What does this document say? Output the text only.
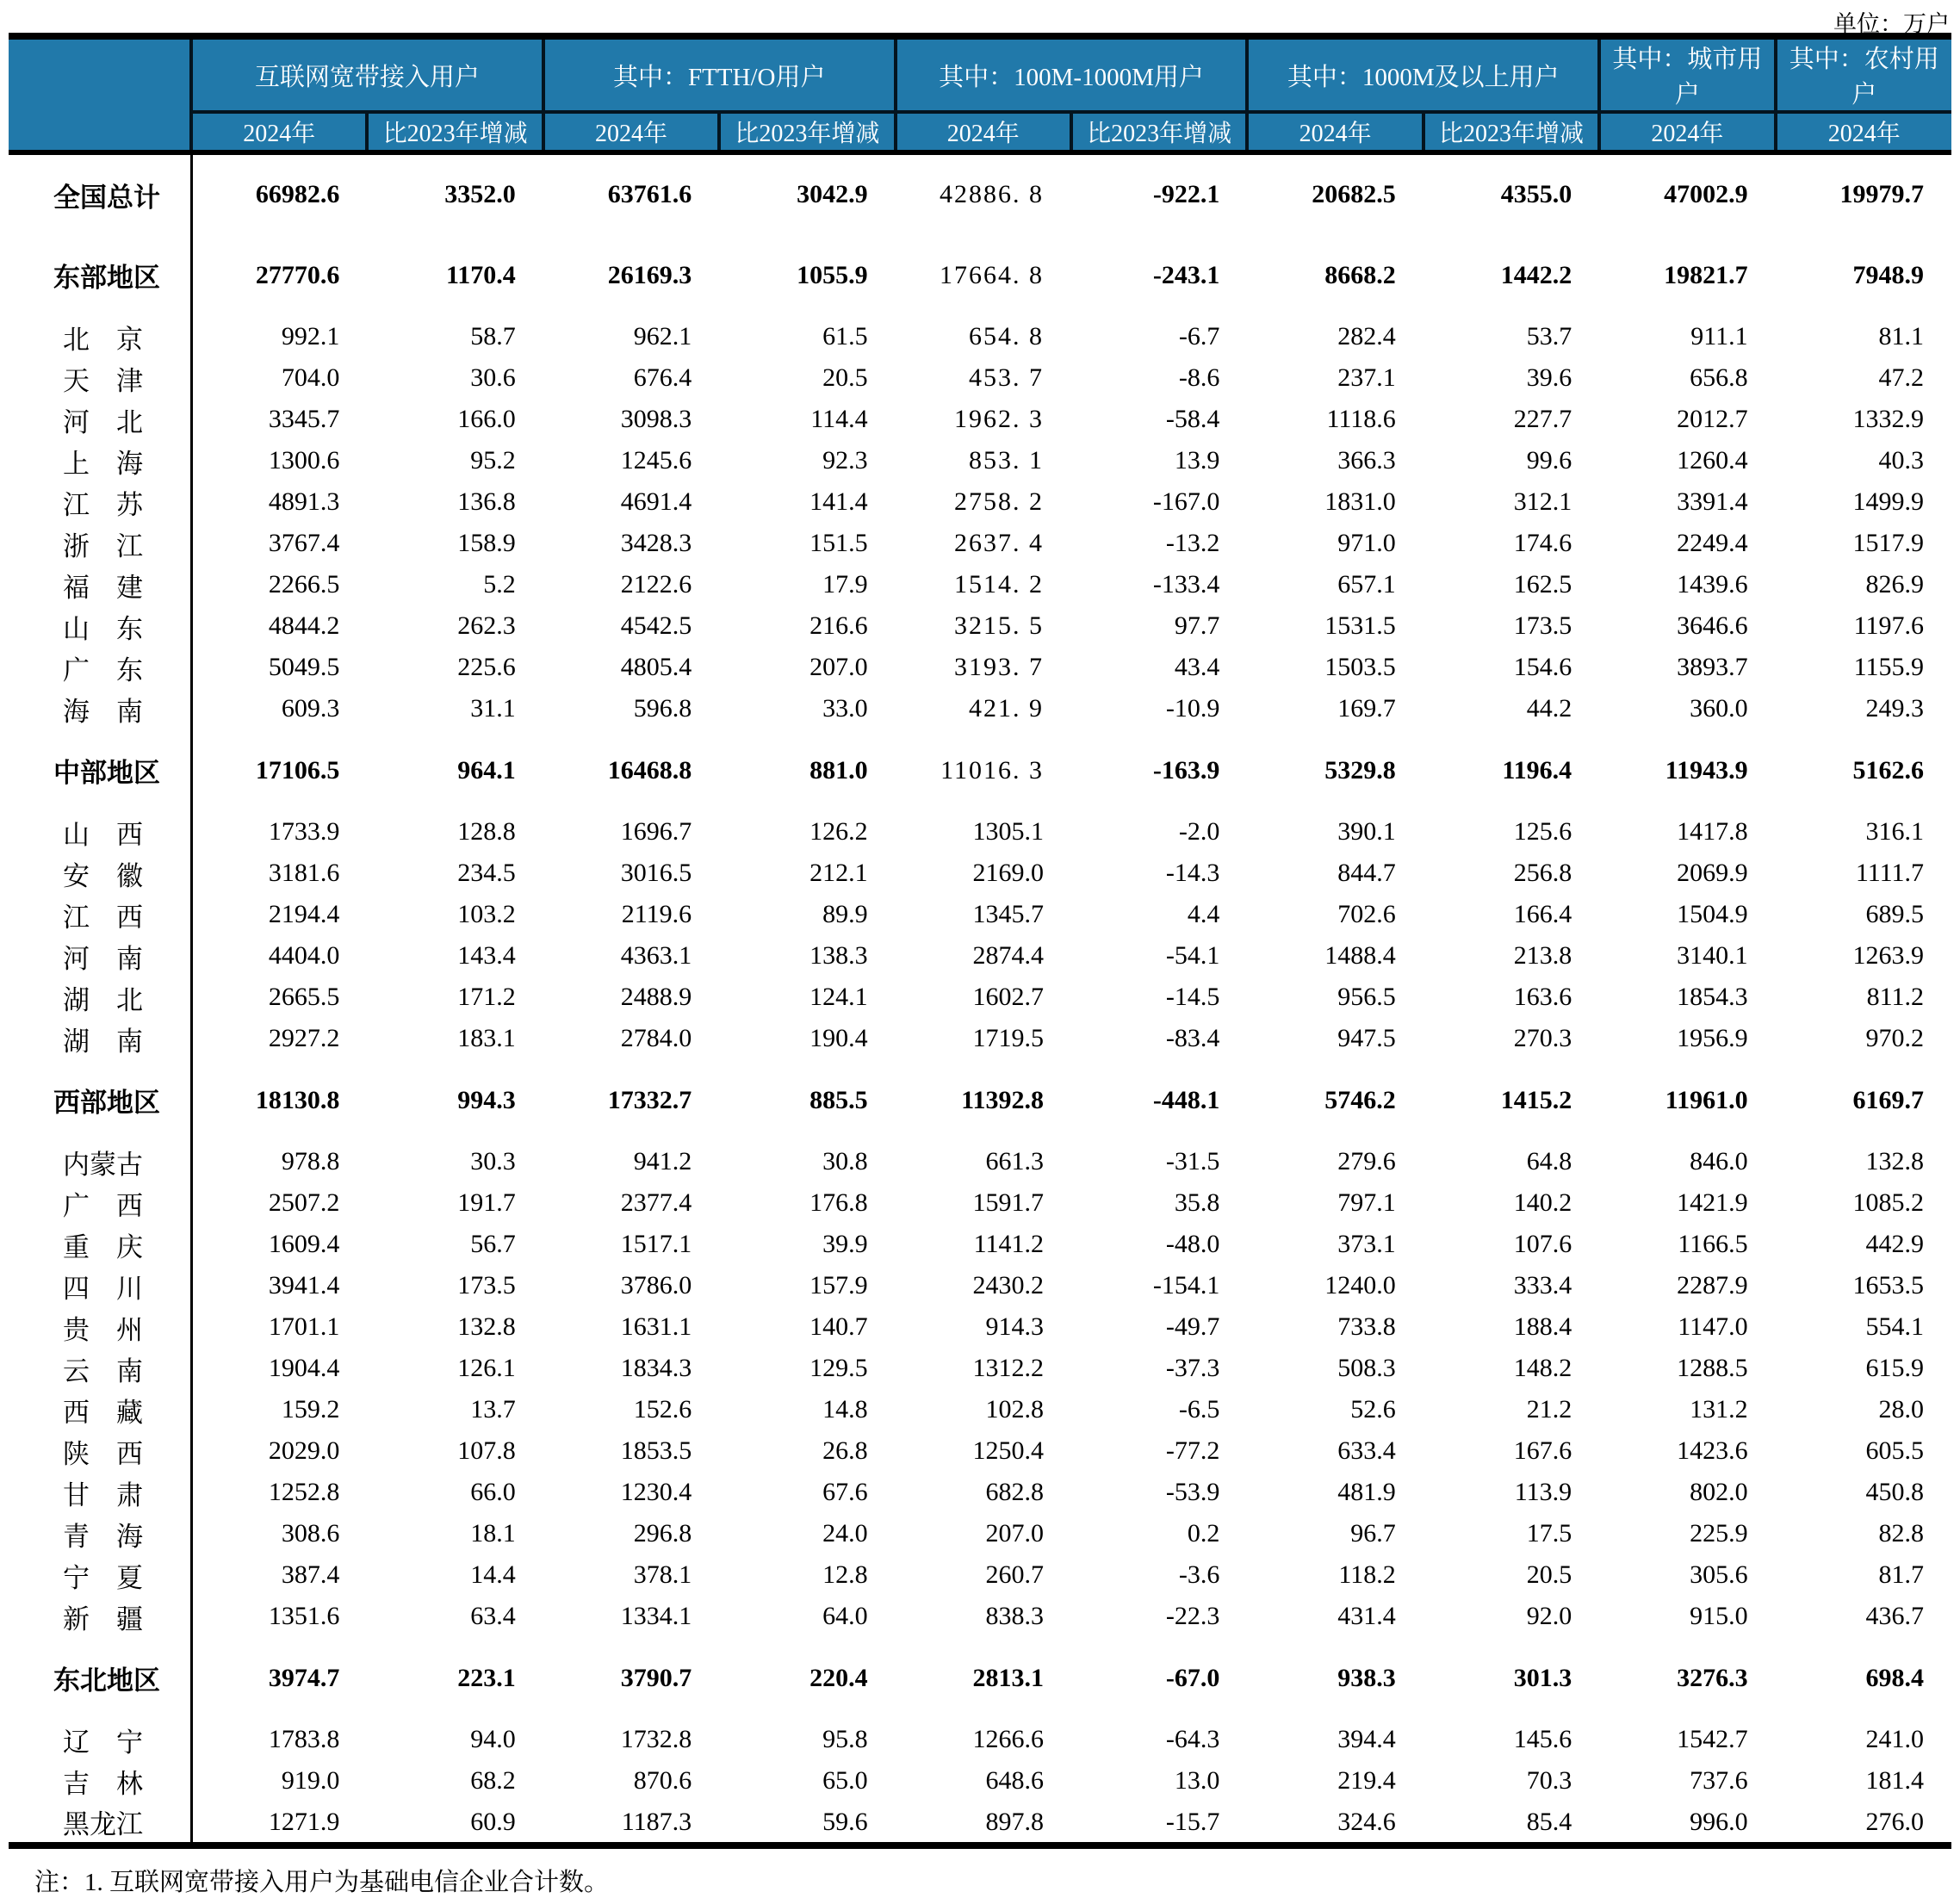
单位：万户
	互联网宽带接入用户		其中：FTTH/O用户		其中：100M-1000M用户		其中：1000M及以上用户		其中：城市用户	其中：农村用户
	2024年	比2023年增减	2024年	比2023年增减	2024年	比2023年增减	2024年	比2023年增减	2024年	2024年
全国总计	66982.6	3352.0	63761.6	3042.9	42886. 8	-922.1	20682.5	4355.0	47002.9	19979.7
东部地区	27770.6	1170.4	26169.3	1055.9	17664. 8	-243.1	8668.2	1442.2	19821.7	7948.9
北　京	992.1	58.7	962.1	61.5	654. 8	-6.7	282.4	53.7	911.1	81.1
天　津	704.0	30.6	676.4	20.5	453. 7	-8.6	237.1	39.6	656.8	47.2
河　北	3345.7	166.0	3098.3	114.4	1962. 3	-58.4	1118.6	227.7	2012.7	1332.9
上　海	1300.6	95.2	1245.6	92.3	853. 1	13.9	366.3	99.6	1260.4	40.3
江　苏	4891.3	136.8	4691.4	141.4	2758. 2	-167.0	1831.0	312.1	3391.4	1499.9
浙　江	3767.4	158.9	3428.3	151.5	2637. 4	-13.2	971.0	174.6	2249.4	1517.9
福　建	2266.5	5.2	2122.6	17.9	1514. 2	-133.4	657.1	162.5	1439.6	826.9
山　东	4844.2	262.3	4542.5	216.6	3215. 5	97.7	1531.5	173.5	3646.6	1197.6
广　东	5049.5	225.6	4805.4	207.0	3193. 7	43.4	1503.5	154.6	3893.7	1155.9
海　南	609.3	31.1	596.8	33.0	421. 9	-10.9	169.7	44.2	360.0	249.3
中部地区	17106.5	964.1	16468.8	881.0	11016. 3	-163.9	5329.8	1196.4	11943.9	5162.6
山　西	1733.9	128.8	1696.7	126.2	1305.1	-2.0	390.1	125.6	1417.8	316.1
安　徽	3181.6	234.5	3016.5	212.1	2169.0	-14.3	844.7	256.8	2069.9	1111.7
江　西	2194.4	103.2	2119.6	89.9	1345.7	4.4	702.6	166.4	1504.9	689.5
河　南	4404.0	143.4	4363.1	138.3	2874.4	-54.1	1488.4	213.8	3140.1	1263.9
湖　北	2665.5	171.2	2488.9	124.1	1602.7	-14.5	956.5	163.6	1854.3	811.2
湖　南	2927.2	183.1	2784.0	190.4	1719.5	-83.4	947.5	270.3	1956.9	970.2
西部地区	18130.8	994.3	17332.7	885.5	11392.8	-448.1	5746.2	1415.2	11961.0	6169.7
内蒙古	978.8	30.3	941.2	30.8	661.3	-31.5	279.6	64.8	846.0	132.8
广　西	2507.2	191.7	2377.4	176.8	1591.7	35.8	797.1	140.2	1421.9	1085.2
重　庆	1609.4	56.7	1517.1	39.9	1141.2	-48.0	373.1	107.6	1166.5	442.9
四　川	3941.4	173.5	3786.0	157.9	2430.2	-154.1	1240.0	333.4	2287.9	1653.5
贵　州	1701.1	132.8	1631.1	140.7	914.3	-49.7	733.8	188.4	1147.0	554.1
云　南	1904.4	126.1	1834.3	129.5	1312.2	-37.3	508.3	148.2	1288.5	615.9
西　藏	159.2	13.7	152.6	14.8	102.8	-6.5	52.6	21.2	131.2	28.0
陕　西	2029.0	107.8	1853.5	26.8	1250.4	-77.2	633.4	167.6	1423.6	605.5
甘　肃	1252.8	66.0	1230.4	67.6	682.8	-53.9	481.9	113.9	802.0	450.8
青　海	308.6	18.1	296.8	24.0	207.0	0.2	96.7	17.5	225.9	82.8
宁　夏	387.4	14.4	378.1	12.8	260.7	-3.6	118.2	20.5	305.6	81.7
新　疆	1351.6	63.4	1334.1	64.0	838.3	-22.3	431.4	92.0	915.0	436.7
东北地区	3974.7	223.1	3790.7	220.4	2813.1	-67.0	938.3	301.3	3276.3	698.4
辽　宁	1783.8	94.0	1732.8	95.8	1266.6	-64.3	394.4	145.6	1542.7	241.0
吉　林	919.0	68.2	870.6	65.0	648.6	13.0	219.4	70.3	737.6	181.4
黑龙江	1271.9	60.9	1187.3	59.6	897.8	-15.7	324.6	85.4	996.0	276.0
注：1. 互联网宽带接入用户为基础电信企业合计数。
